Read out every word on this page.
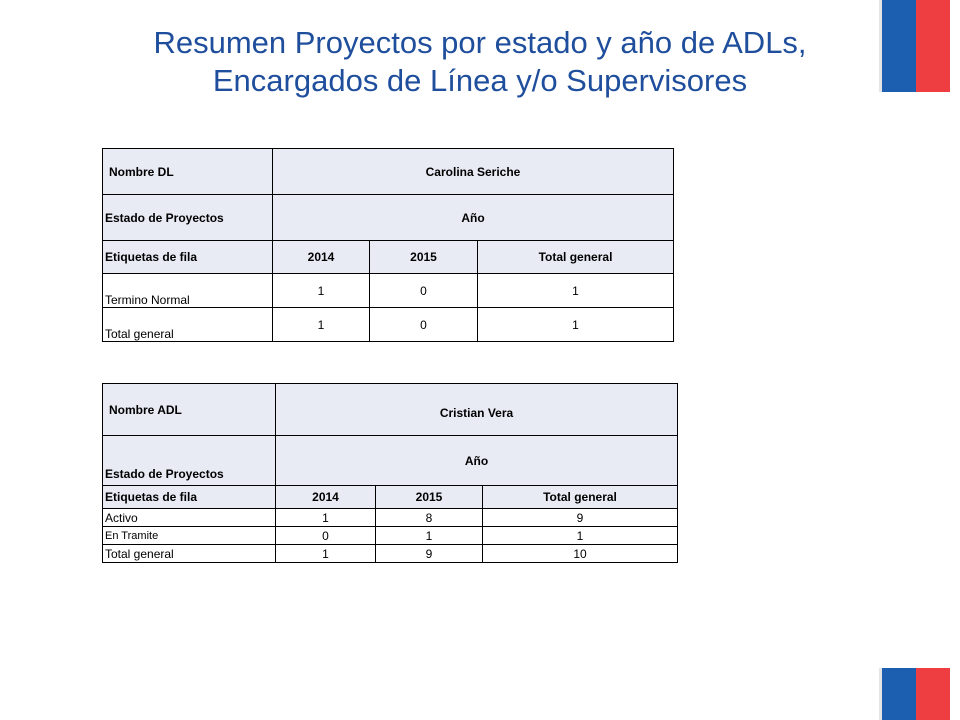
Resumen Proyectos por estado y año de ADLs,
Encargados de Línea y/o Supervisores
Nombre DL	Carolina Seriche		
Estado de Proyectos	Año		
Etiquetas de fila	2014	2015	Total general
Termino Normal	1	0	1
Total general	1	0	1
Nombre ADL	Cristian Vera		
Estado de Proyectos	Año		
Etiquetas de fila	2014	2015	Total general
Activo	1	8	9
En Tramite	0	1	1
Total general	1	9	10
